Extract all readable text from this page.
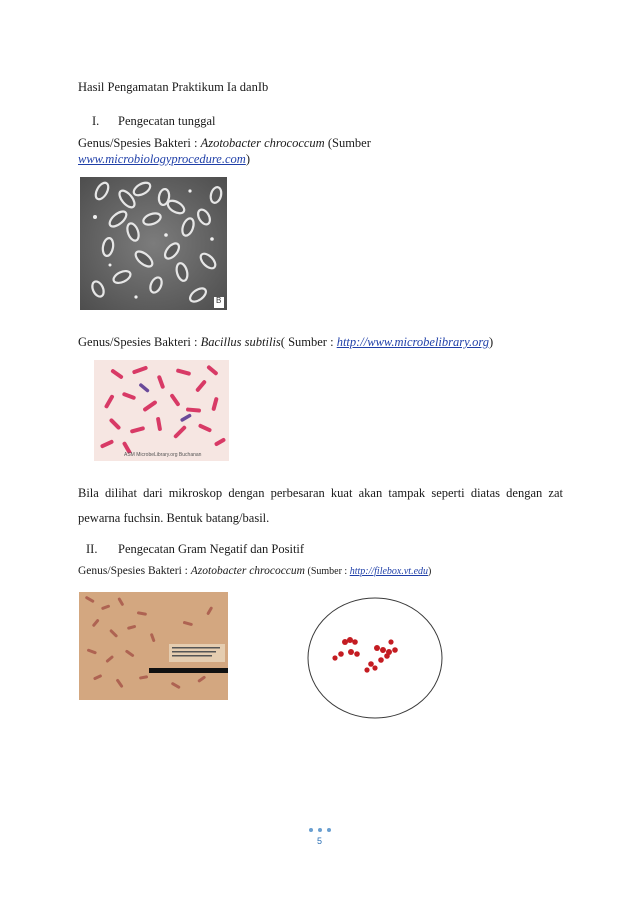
Hasil Pengamatan Praktikum Ia danIb
I. Pengecatan tunggal
Genus/Spesies Bakteri : Azotobacter chrococcum (Sumber
www.microbiologyprocedure.com)
B
Genus/Spesies Bakteri : Bacillus subtilis( Sumber : http://www.microbelibrary.org)
ASM MicrobeLibrary.org Buchanan
Bila dilihat dari mikroskop dengan perbesaran kuat akan tampak seperti diatas dengan zat pewarna fuchsin. Bentuk batang/basil.
II. Pengecatan Gram Negatif dan Positif
Genus/Spesies Bakteri : Azotobacter chrococcum (Sumber : http://filebox.vt.edu)
5
